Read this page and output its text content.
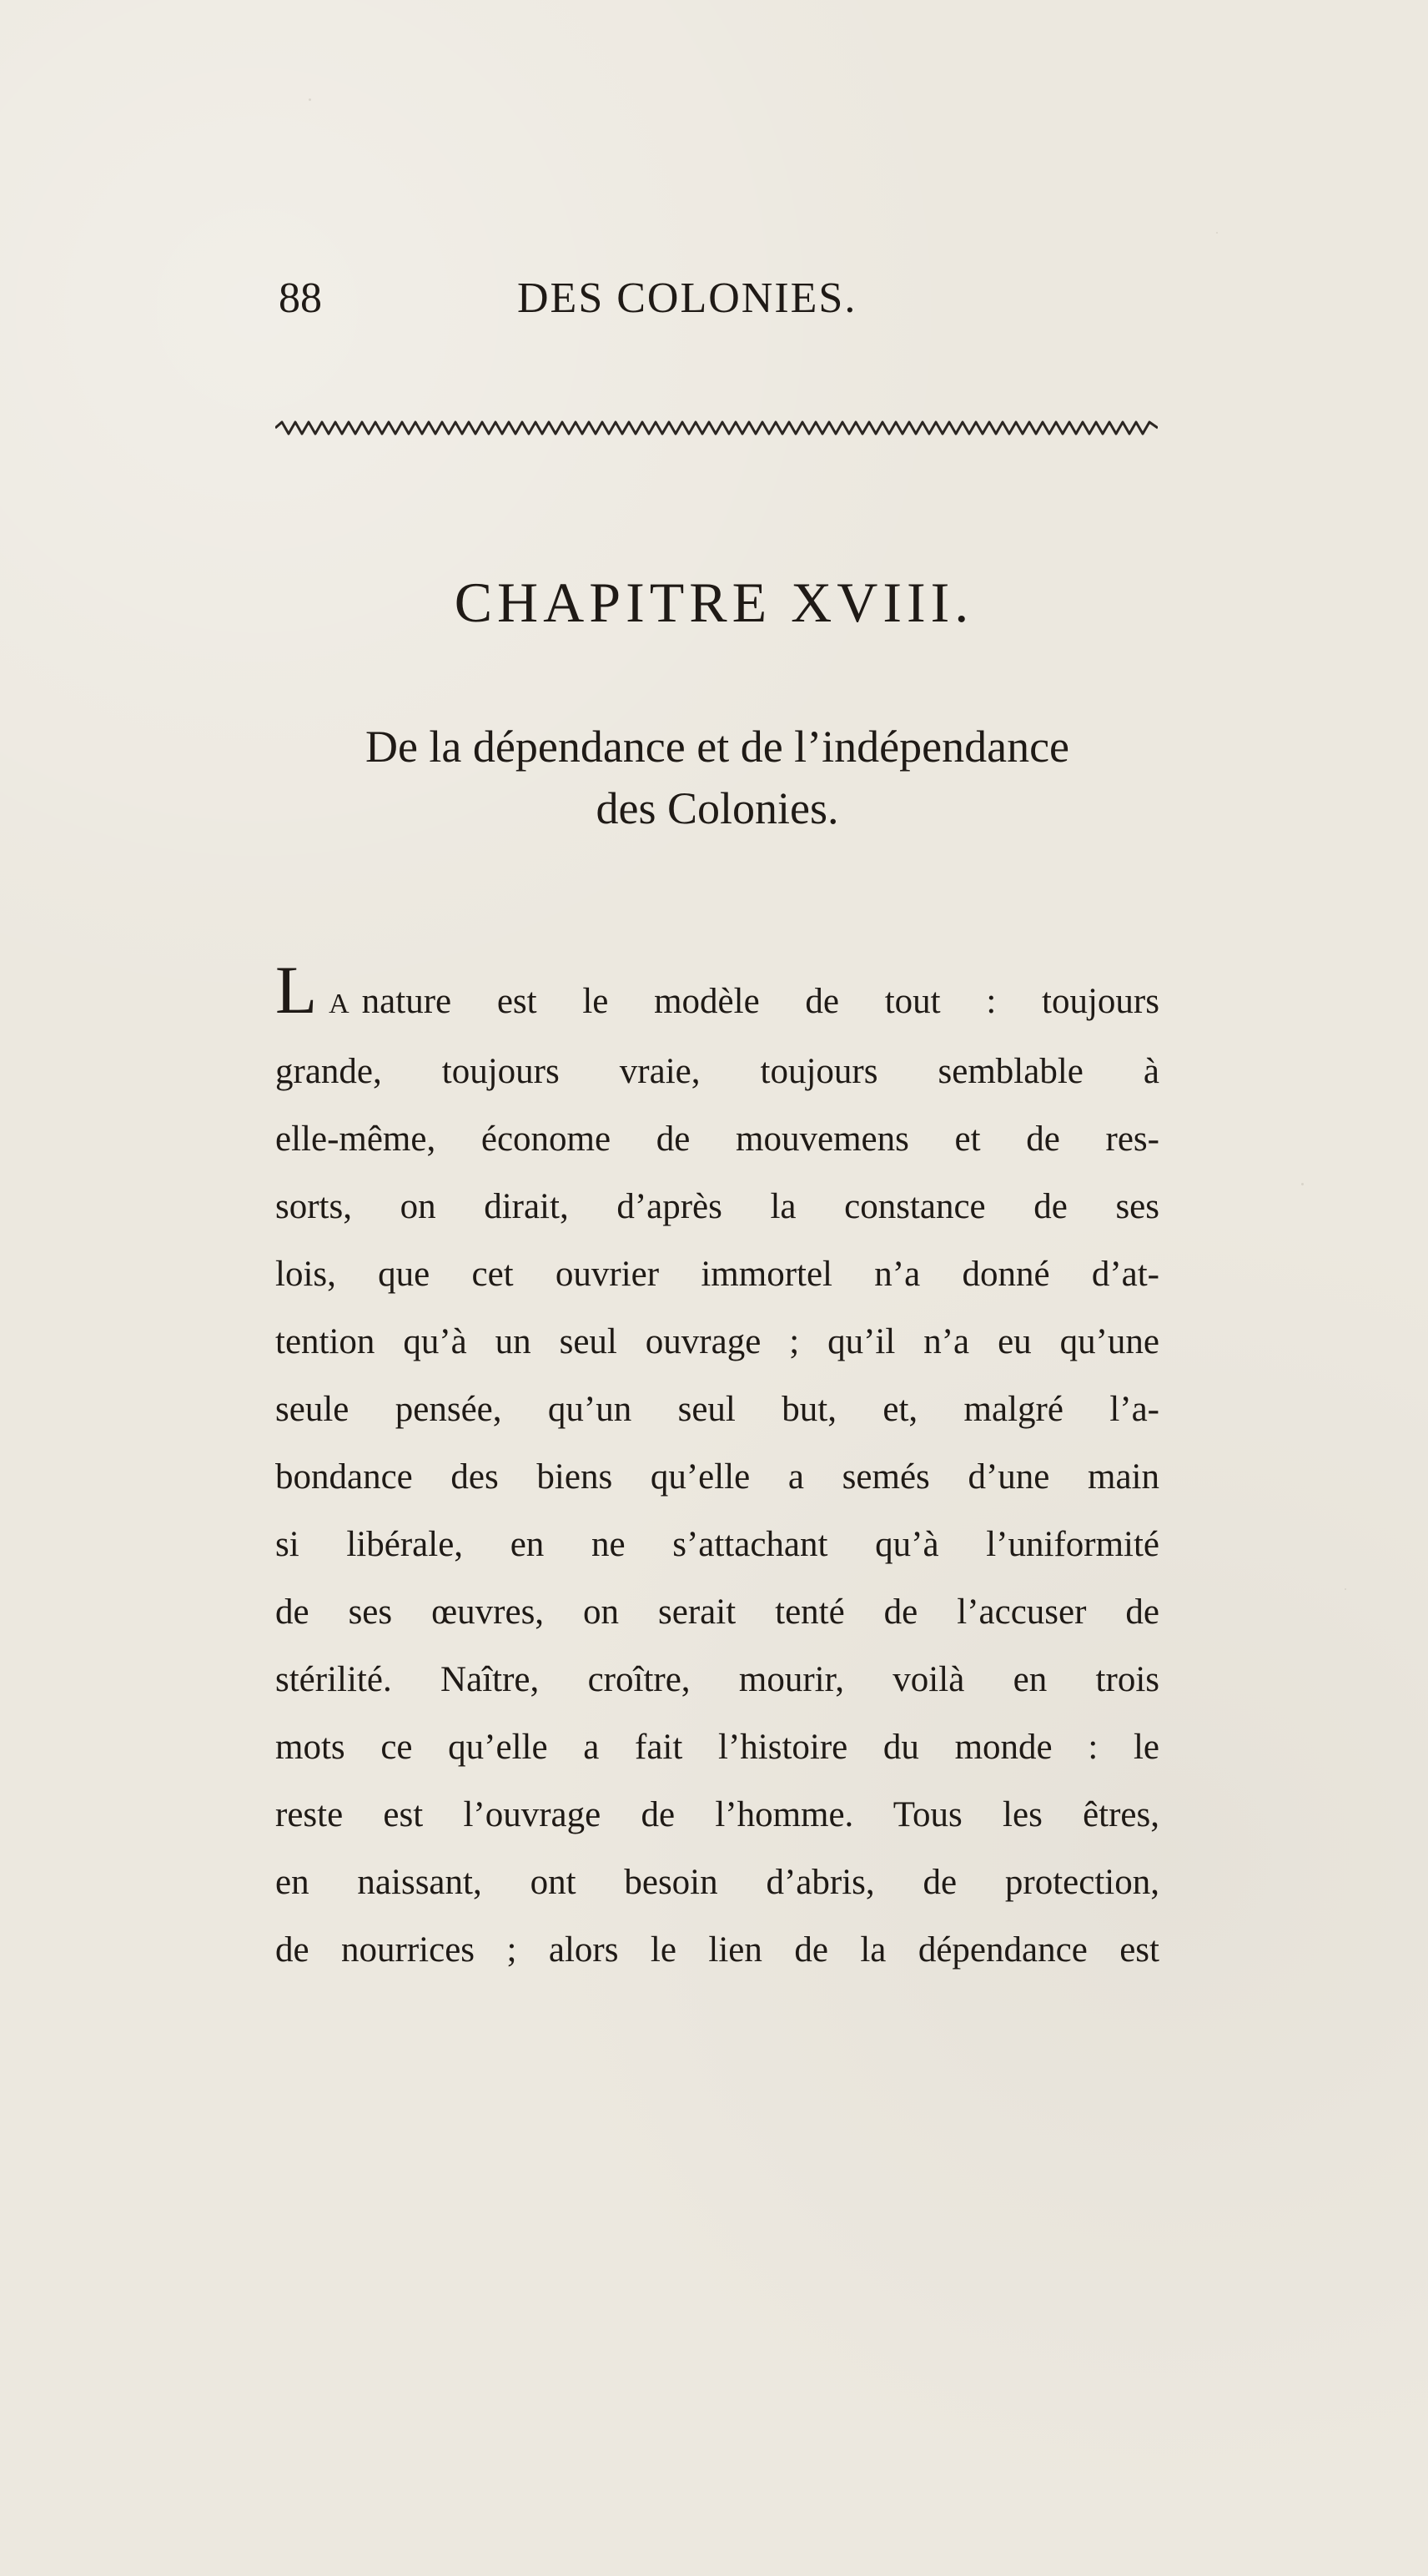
88	DES COLONIES.
CHAPITRE XVIII.
De la dépendance et de l’indépendance
des Colonies.
L A nature est le modèle de tout : toujours
grande, toujours vraie, toujours semblable à
elle-même, économe de mouvemens et de res-
sorts, on dirait, d’après la constance de ses
lois, que cet ouvrier immortel n’a donné d’at-
tention qu’à un seul ouvrage ; qu’il n’a eu qu’une
seule pensée, qu’un seul but, et, malgré l’a-
bondance des biens qu’elle a semés d’une main
si libérale, en ne s’attachant qu’à l’uniformité
de ses œuvres, on serait tenté de l’accuser de
stérilité. Naître, croître, mourir, voilà en trois
mots ce qu’elle a fait l’histoire du monde : le
reste est l’ouvrage de l’homme. Tous les êtres,
en naissant, ont besoin d’abris, de protection,
de nourrices ; alors le lien de la dépendance est
